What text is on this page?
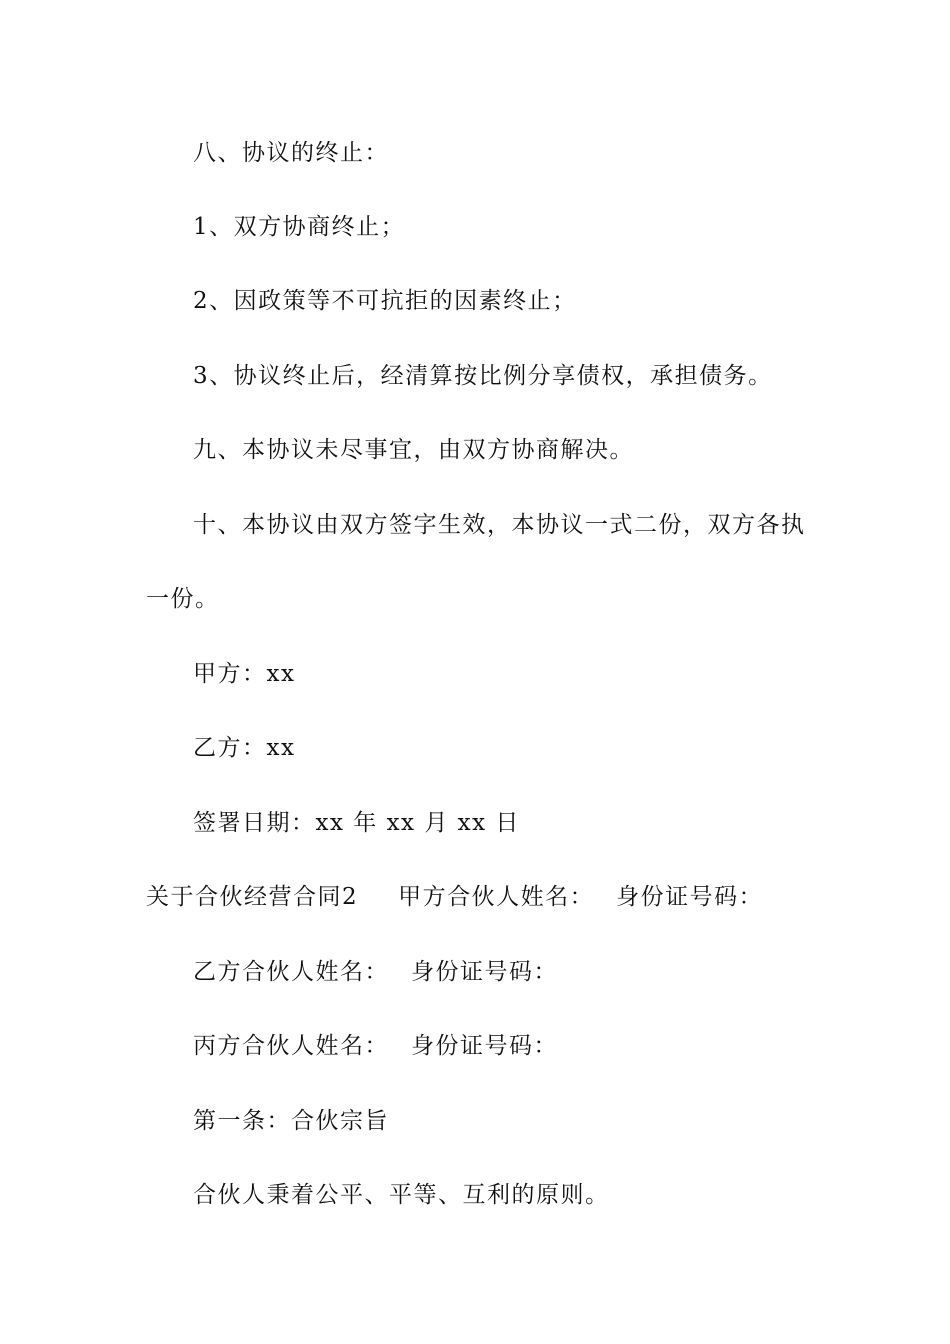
八、协议的终止：
1、双方协商终止；
2、因政策等不可抗拒的因素终止；
3、协议终止后，经清算按比例分享债权，承担债务。
九、本协议未尽事宜，由双方协商解决。
十、本协议由双方签字生效，本协议一式二份，双方各执
一份。
甲方：xx
乙方：xx
签署日期：xx 年 xx 月 xx 日
关于合伙经营合同2 甲方合伙人姓名： 身份证号码：
乙方合伙人姓名： 身份证号码：
丙方合伙人姓名： 身份证号码：
第一条：合伙宗旨
合伙人秉着公平、平等、互利的原则。
